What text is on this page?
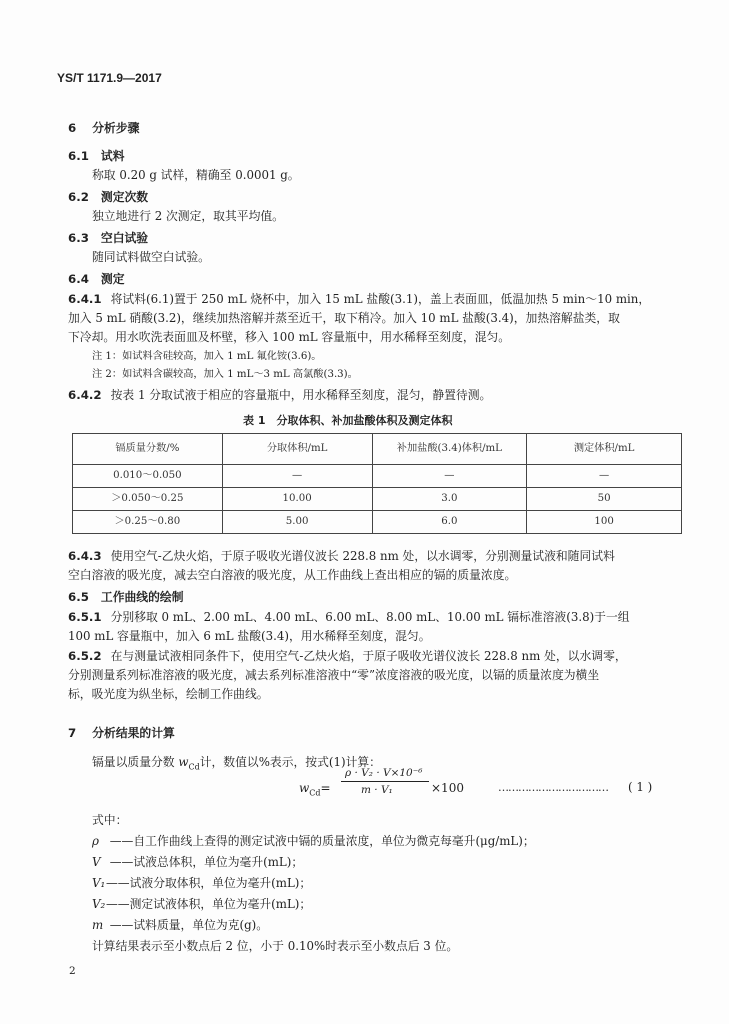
YS/T 1171.9—2017
6 分析步骤
6.1 试料
称取 0.20 g 试样，精确至 0.0001 g。
6.2 测定次数
独立地进行 2 次测定，取其平均值。
6.3 空白试验
随同试料做空白试验。
6.4 测定
6.4.1 将试料(6.1)置于 250 mL 烧杯中，加入 15 mL 盐酸(3.1)，盖上表面皿，低温加热 5 min～10 min，
加入 5 mL 硝酸(3.2)，继续加热溶解并蒸至近干，取下稍冷。加入 10 mL 盐酸(3.4)，加热溶解盐类，取
下冷却。用水吹洗表面皿及杯壁，移入 100 mL 容量瓶中，用水稀释至刻度，混匀。
注 1：如试料含硅较高，加入 1 mL 氟化铵(3.6)。
注 2：如试料含碳较高，加入 1 mL～3 mL 高氯酸(3.3)。
6.4.2 按表 1 分取试液于相应的容量瓶中，用水稀释至刻度，混匀，静置待测。
表 1　分取体积、补加盐酸体积及测定体积
镉质量分数/%	分取体积/mL	补加盐酸(3.4)体积/mL	测定体积/mL
0.010～0.050	—	—	—
＞0.050～0.25	10.00	3.0	50
＞0.25～0.80	5.00	6.0	100
6.4.3 使用空气-乙炔火焰，于原子吸收光谱仪波长 228.8 nm 处，以水调零，分别测量试液和随同试料
空白溶液的吸光度，减去空白溶液的吸光度，从工作曲线上查出相应的镉的质量浓度。
6.5 工作曲线的绘制
6.5.1 分别移取 0 mL、2.00 mL、4.00 mL、6.00 mL、8.00 mL、10.00 mL 镉标准溶液(3.8)于一组
100 mL 容量瓶中，加入 6 mL 盐酸(3.4)，用水稀释至刻度，混匀。
6.5.2 在与测量试液相同条件下，使用空气-乙炔火焰，于原子吸收光谱仪波长 228.8 nm 处，以水调零，
分别测量系列标准溶液的吸光度，减去系列标准溶液中“零”浓度溶液的吸光度，以镉的质量浓度为横坐
标，吸光度为纵坐标，绘制工作曲线。
7 分析结果的计算
镉量以质量分数 $w_{Cd}$计，数值以%表示，按式(1)计算：
$w_{Cd}=$
ρ · V₂ · V×10⁻⁶
m · V₁	×100	…………………………… ( 1 )
式中：
ρ ——自工作曲线上查得的测定试液中镉的质量浓度，单位为微克每毫升(μg/mL)；
V ——试液总体积，单位为毫升(mL)；
V₁——试液分取体积，单位为毫升(mL)；
V₂——测定试液体积，单位为毫升(mL)；
m ——试料质量，单位为克(g)。
计算结果表示至小数点后 2 位，小于 0.10%时表示至小数点后 3 位。
2
